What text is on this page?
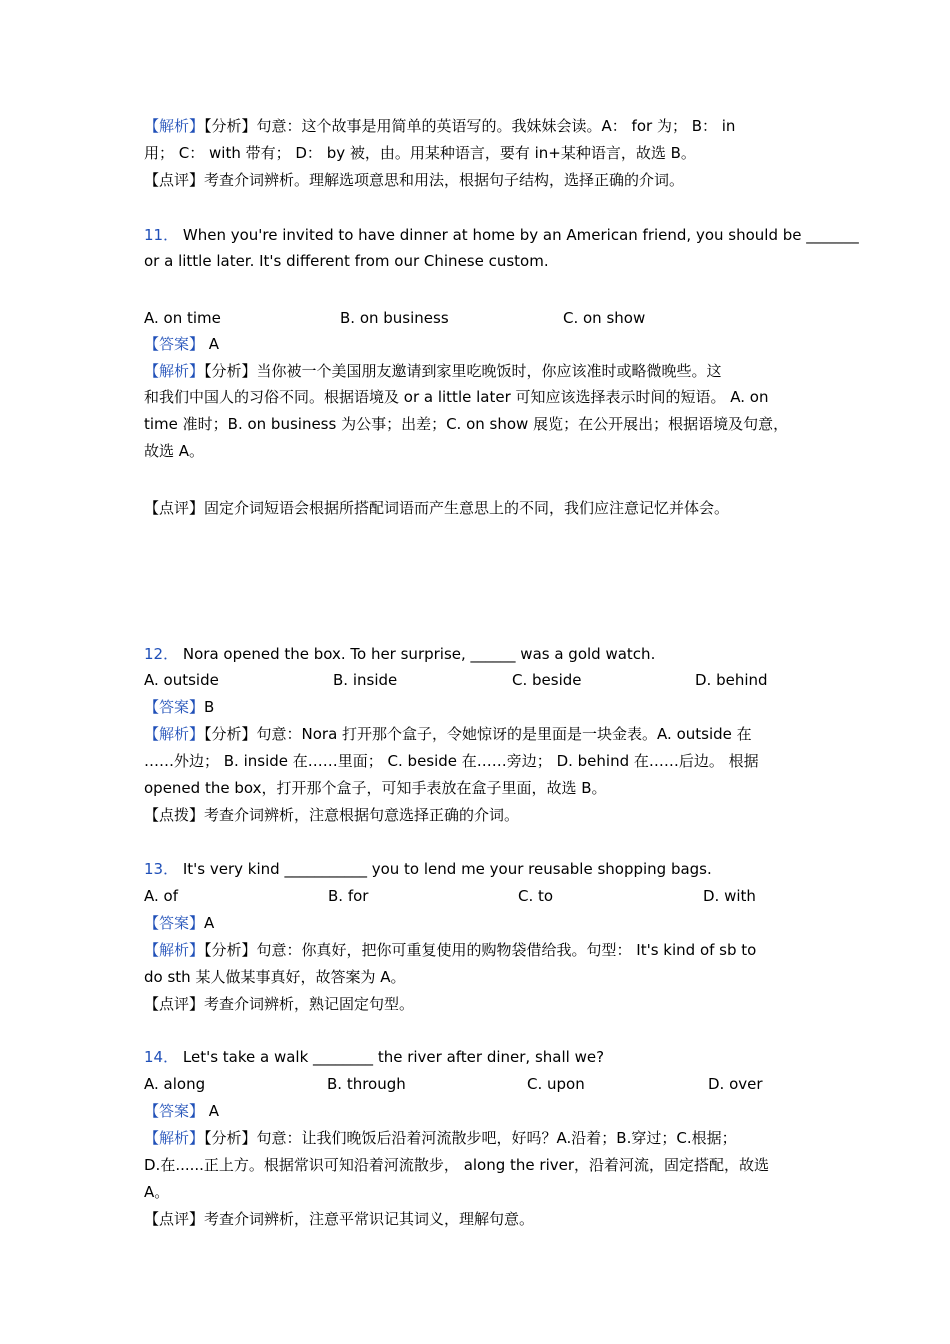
【解析】【分析】句意：这个故事是用简单的英语写的。我妹妹会读。A： for 为； B： in
用； C： with 带有； D： by 被，由。用某种语言，要有 in+某种语言，故选 B。
【点评】考查介词辨析。理解选项意思和用法，根据句子结构，选择正确的介词。
11． When you're invited to have dinner at home by an American friend, you should be _______
or a little later. It's different from our Chinese custom.
A. on time	B. on business	C. on show
【答案】 A
【解析】【分析】当你被一个美国朋友邀请到家里吃晚饭时，你应该准时或略微晚些。这
和我们中国人的习俗不同。根据语境及 or a little later 可知应该选择表示时间的短语。 A. on
time 准时；B. on business 为公事；出差；C. on show 展览；在公开展出；根据语境及句意，
故选 A。
【点评】固定介词短语会根据所搭配词语而产生意思上的不同，我们应注意记忆并体会。
12． Nora opened the box. To her surprise, ______ was a gold watch.
A. outside	B. inside	C. beside	D. behind
【答案】B
【解析】【分析】句意：Nora 打开那个盒子，令她惊讶的是里面是一块金表。A. outside 在
……外边； B. inside 在……里面； C. beside 在……旁边； D. behind 在……后边。 根据
opened the box，打开那个盒子，可知手表放在盒子里面，故选 B。
【点拨】考查介词辨析，注意根据句意选择正确的介词。
13． It's very kind ___________ you to lend me your reusable shopping bags.
A. of	B. for	C. to	D. with
【答案】A
【解析】【分析】句意：你真好，把你可重复使用的购物袋借给我。句型： It's kind of sb to
do sth 某人做某事真好，故答案为 A。
【点评】考查介词辨析，熟记固定句型。
14． Let's take a walk ________ the river after diner, shall we?
A. along	B. through	C. upon	D. over
【答案】 A
【解析】【分析】句意：让我们晚饭后沿着河流散步吧，好吗？A.沿着；B.穿过；C.根据；
D.在......正上方。根据常识可知沿着河流散步， along the river，沿着河流，固定搭配，故选
A。
【点评】考查介词辨析，注意平常识记其词义，理解句意。
